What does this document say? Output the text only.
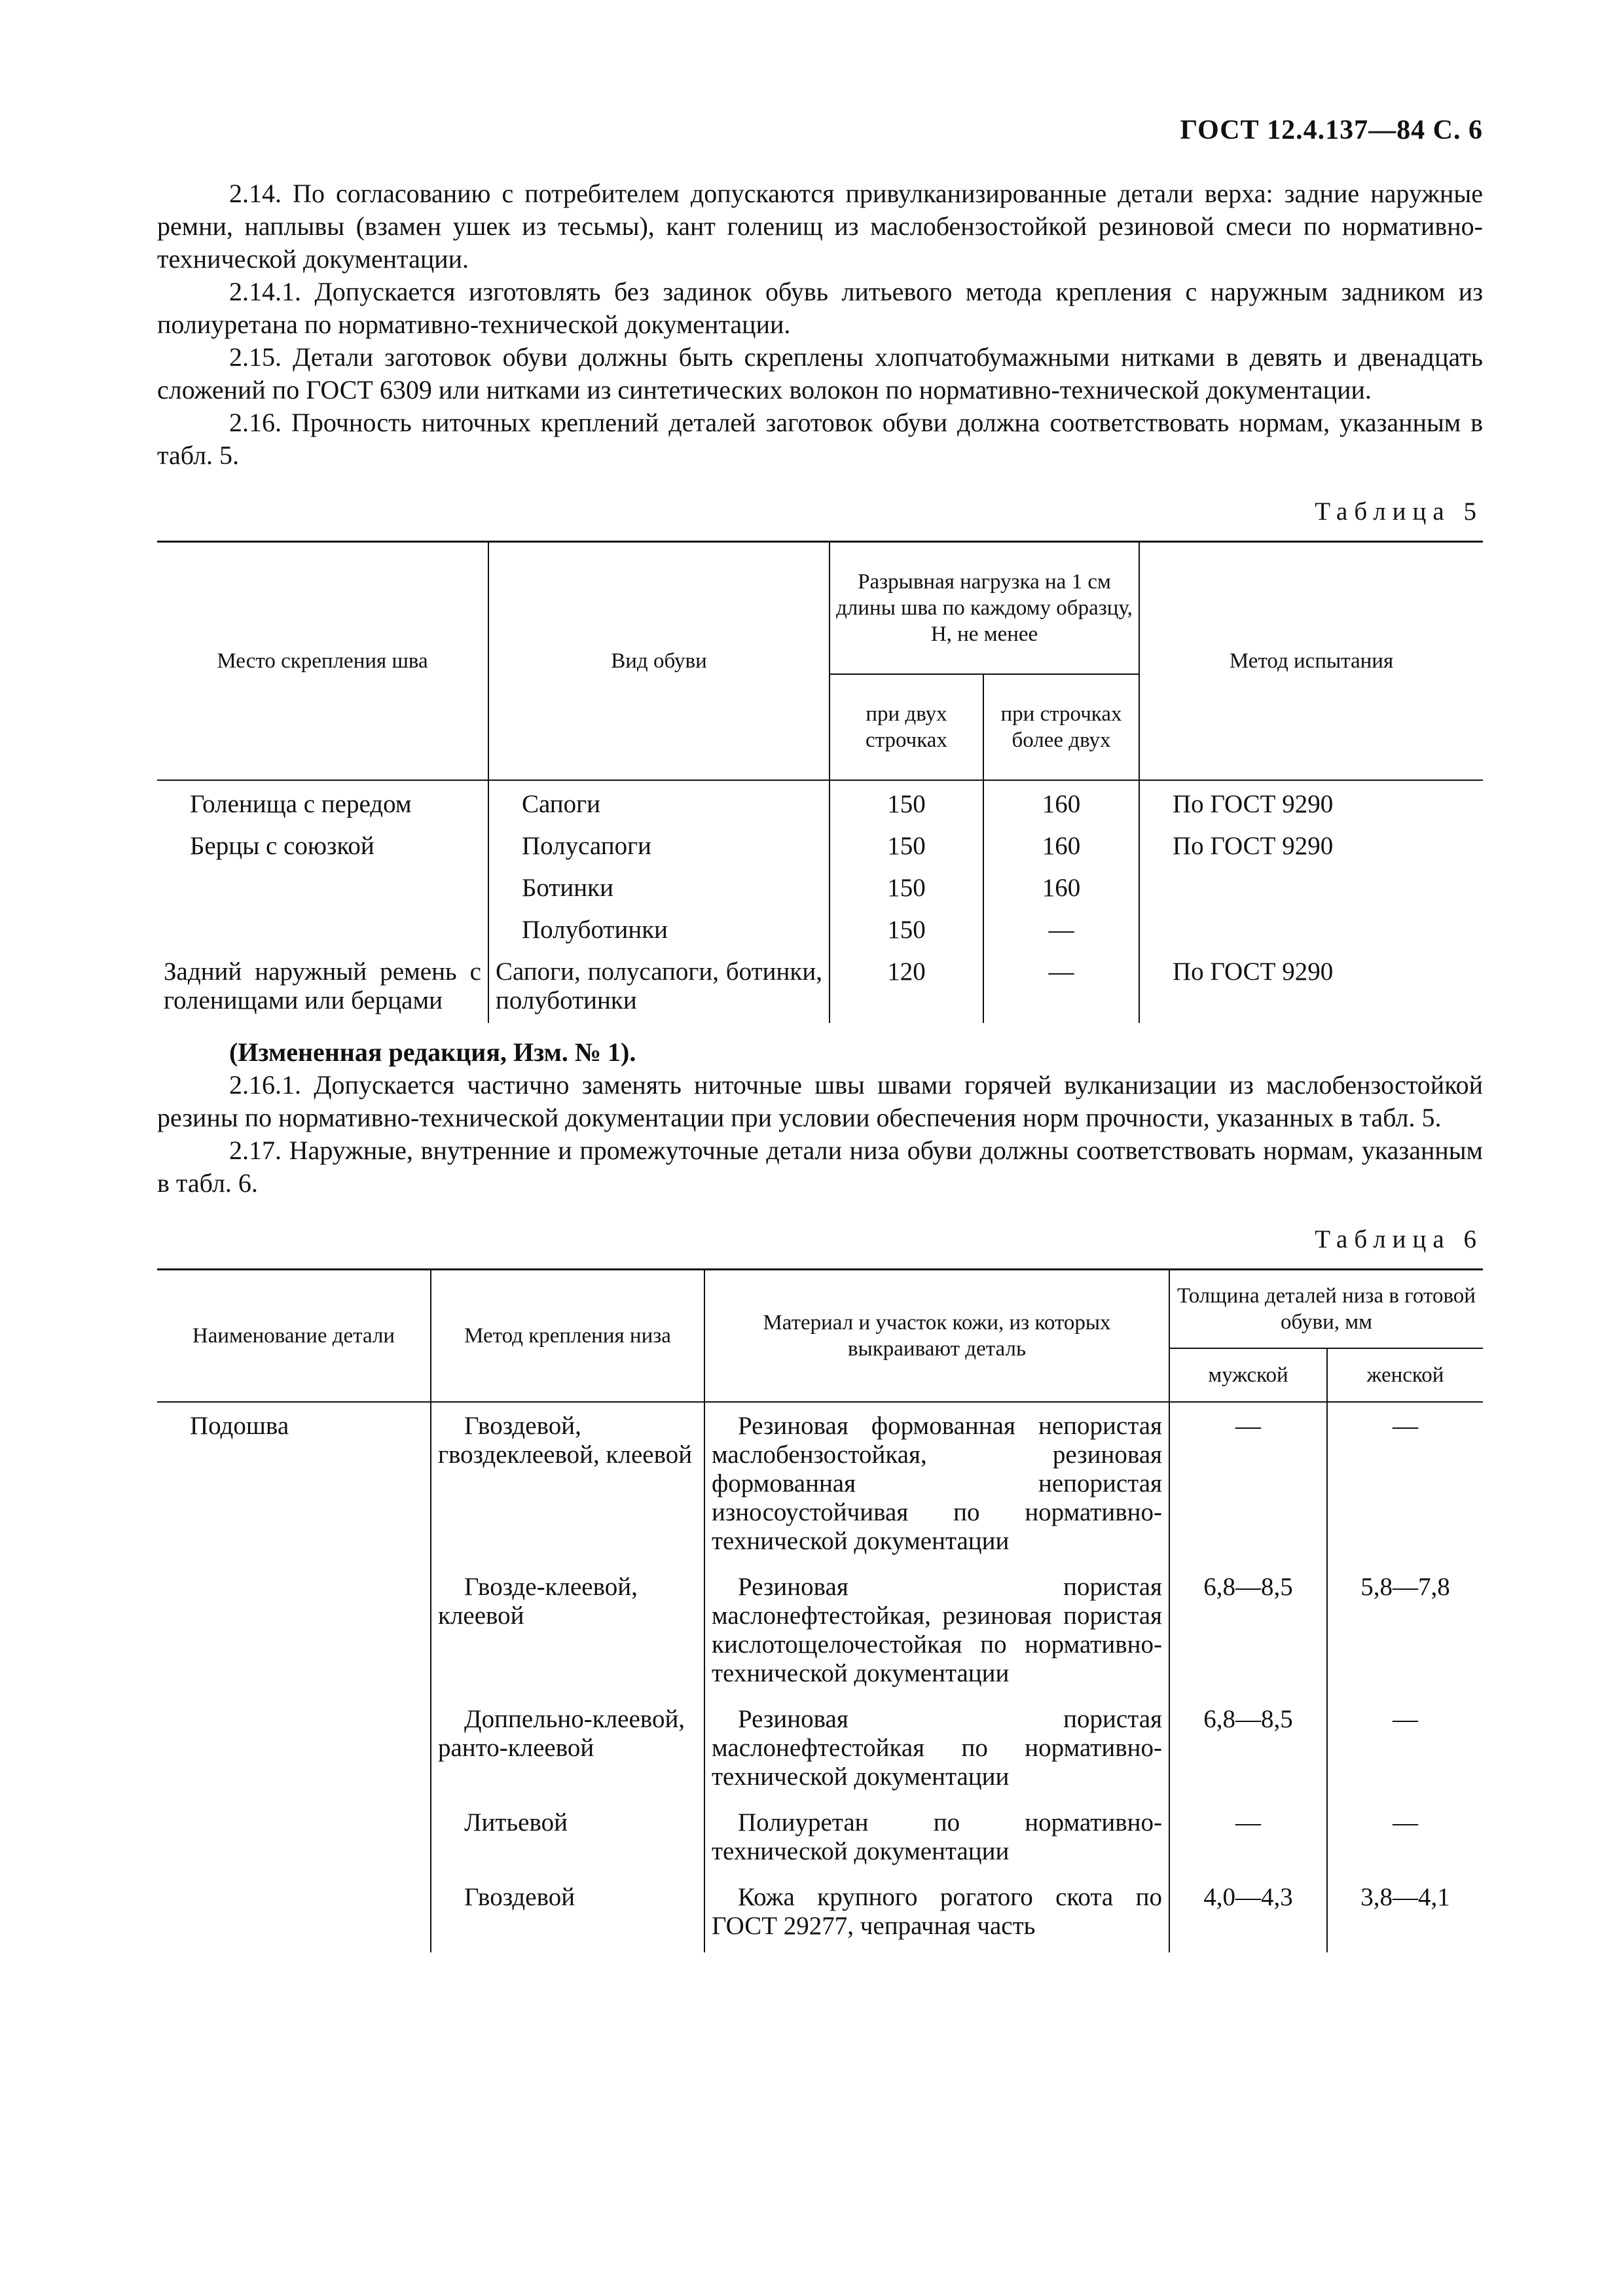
ГОСТ 12.4.137—84 С. 6

2.14. По согласованию с потребителем допускаются привулканизированные детали верха: задние наружные ремни, наплывы (взамен ушек из тесьмы), кант голенищ из маслобензостойкой резиновой смеси по нормативно-технической документации.

2.14.1. Допускается изготовлять без задинок обувь литьевого метода крепления с наружным задником из полиуретана по нормативно-технической документации.

2.15. Детали заготовок обуви должны быть скреплены хлопчатобумажными нитками в девять и двенадцать сложений по ГОСТ 6309 или нитками из синтетических волокон по нормативно-технической документации.

2.16. Прочность ниточных креплений деталей заготовок обуви должна соответствовать нормам, указанным в табл. 5.

Таблица 5
Место скрепления шва	Вид обуви	Разрывная нагрузка на 1 см длины шва по каждому образцу, Н, не менее		Метод испытания
		при двух строчках	при строчках более двух	
Голенища с передом	Сапоги	150	160	По ГОСТ 9290
Берцы с союзкой	Полусапоги	150	160	По ГОСТ 9290
	Ботинки	150	160	
	Полуботинки	150	—	
Задний наружный ремень с голенищами или берцами	Сапоги, полусапоги, ботинки, полуботинки	120	—	По ГОСТ 9290

(Измененная редакция, Изм. № 1).

2.16.1. Допускается частично заменять ниточные швы швами горячей вулканизации из маслобензостойкой резины по нормативно-технической документации при условии обеспечения норм прочности, указанных в табл. 5.

2.17. Наружные, внутренние и промежуточные детали низа обуви должны соответствовать нормам, указанным в табл. 6.

Таблица 6
Наименование детали	Метод крепления низа	Материал и участок кожи, из которых выкраивают деталь	Толщина деталей низа в готовой обуви, мм	
			мужской	женской
Подошва	Гвоздевой, гвоздеклеевой, клеевой	Резиновая формованная непористая маслобензостойкая, резиновая формованная непористая износоустойчивая по нормативно-технической документации	—	—
	Гвозде-клеевой, клеевой	Резиновая пористая маслонефтестойкая, резиновая пористая кислотощелочестойкая по нормативно-технической документации	6,8—8,5	5,8—7,8
	Доппельно-клеевой, ранто-клеевой	Резиновая пористая маслонефтестойкая по нормативно-технической документации	6,8—8,5	—
	Литьевой	Полиуретан по нормативно-технической документации	—	—
	Гвоздевой	Кожа крупного рогатого скота по ГОСТ 29277, чепрачная часть	4,0—4,3	3,8—4,1
